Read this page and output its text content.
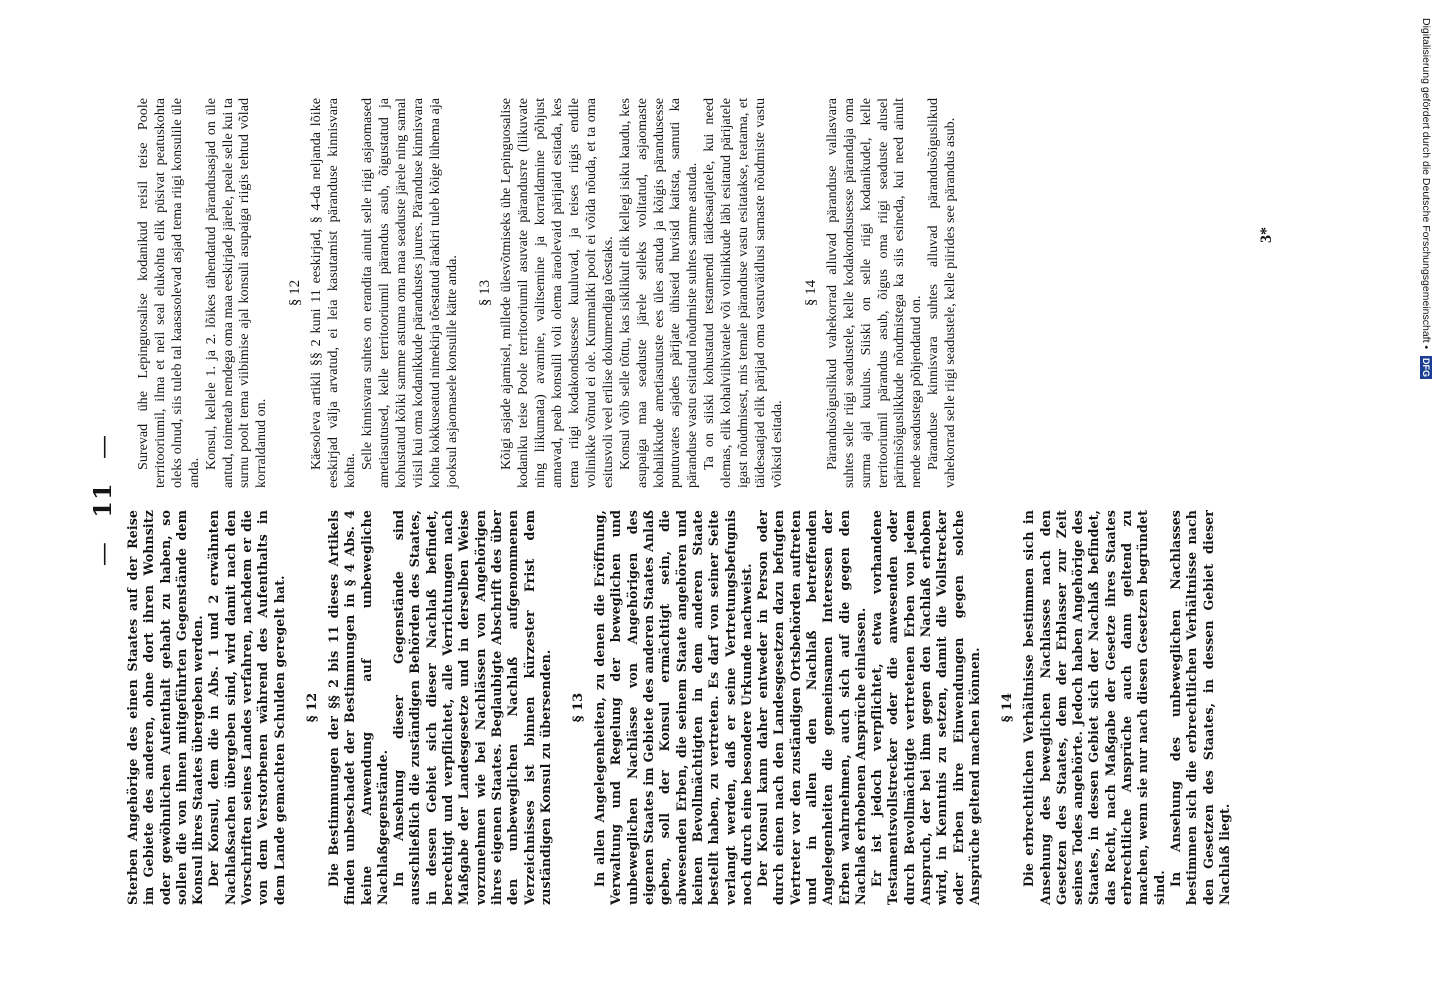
— 11 —

Sterben Angehörige des einen Staates auf der Reise im Gebiete des anderen, ohne dort ihren Wohnsitz oder gewöhnlichen Aufenthalt gehabt zu haben, so sollen die von ihnen mitgeführten Gegenstände dem Konsul ihres Staates übergeben werden. Der Konsul, dem die in Abs. 1 und 2 erwähnten Nachlaßsachen übergeben sind, wird damit nach den Vorschriften seines Landes verfahren, nachdem er die von dem Verstorbenen während des Aufenthalts in dem Lande gemachten Schulden geregelt hat. § 12 Die Bestimmungen der §§ 2 bis 11 dieses Artikels finden unbeschadet der Bestimmungen in § 4 Abs. 4 keine Anwendung auf unbewegliche Nachlaßgegenstände. In Ansehung dieser Gegenstände sind ausschließlich die zuständigen Behörden des Staates, in dessen Gebiet sich dieser Nachlaß befindet, berechtigt und verpflichtet, alle Verrichtungen nach Maßgabe der Landesgesetze und in derselben Weise vorzunehmen wie bei Nachlässen von Angehörigen ihres eigenen Staates. Beglaubigte Abschrift des über den unbeweglichen Nachlaß aufgenommenen Verzeichnisses ist binnen kürzester Frist dem zuständigen Konsul zu übersenden. § 13 In allen Angelegenheiten, zu denen die Eröffnung, Verwaltung und Regelung der beweglichen und unbeweglichen Nachlässe von Angehörigen des eigenen Staates im Gebiete des anderen Staates Anlaß geben, soll der Konsul ermächtigt sein, die abwesenden Erben, die seinem Staate angehören und keinen Bevollmächtigten in dem anderen Staate bestellt haben, zu vertreten. Es darf von seiner Seite verlangt werden, daß er seine Vertretungsbefugnis noch durch eine besondere Urkunde nachweist. Der Konsul kann daher entweder in Person oder durch einen nach den Landesgesetzen dazu befugten Vertreter vor den zuständigen Ortsbehörden auftreten und in allen den Nachlaß betreffenden Angelegenheiten die gemeinsamen Interessen der Erben wahrnehmen, auch sich auf die gegen den Nachlaß erhobenen Ansprüche einlassen. Er ist jedoch verpflichtet, etwa vorhandene Testamentsvollstrecker oder die anwesenden oder durch Bevollmächtigte vertretenen Erben von jedem Anspruch, der bei ihm gegen den Nachlaß erhoben wird, in Kenntnis zu setzen, damit die Vollstrecker oder Erben ihre Einwendungen gegen solche Ansprüche geltend machen können. § 14 Die erbrechtlichen Verhältnisse bestimmen sich in Ansehung des beweglichen Nachlasses nach den Gesetzen des Staates, dem der Erblasser zur Zeit seines Todes angehörte. Jedoch haben Angehörige des Staates, in dessen Gebiet sich der Nachlaß befindet, das Recht, nach Maßgabe der Gesetze ihres Staates erbrechtliche Ansprüche auch dann geltend zu machen, wenn sie nur nach diesen Gesetzen begründet sind.

In Ansehung des unbeweglichen Nachlasses bestimmen sich die erbrechtlichen Verhältnisse nach den Gesetzen des Staates, in dessen Gebiet dieser Nachlaß liegt.

Surevad ühe Lepinguosalise kodanikud reisil teise Poole territooriumil, ilma et neil seal elukohta elik püsivat peatuskohta oleks olnud, siis tuleb tal kaasasolevad asjad tema riigi konsulile üle anda.

Konsul, kellele 1. ja 2. lõikes tähendatud pärandusasjad on üle antud, toimetab nendega oma maa eeskirjade järele, peale selle kui ta surnu poolt tema viibimise ajal konsuli asupaiga riigis tehtud võlad korraldanud on.

§ 12 Käesoleva artikli §§ 2 kuni 11 eeskirjad, § 4-da neljanda lõike eeskirjad välja arvatud, ei leia kasutamist päranduse kinnisvara kohta.

Selle kinnisvara suhtes on erandita ainult selle riigi asjaomased ametiasutused, kelle territooriumil pärandus asub, õigustatud ja kohustatud kõiki samme astuma oma maa seaduste järele ning samal viisil kui oma kodanikkude pärandustes juures. Päranduse kinnisvara kohta kokkuseatud nimekirja tõestatud ärakiri tuleb kõige lühema aja jooksul asjaomasele konsulile kätte anda. § 13 Kõigi asjade ajamisel, millede ülesvõtmiseks ühe Lepinguosalise kodaniku teise Poole territooriumil asuvate pärandusте (liikuvate ning liikumata) avamine, valitsemine ja korraldamine põhjust annavad, peab konsulil voli olema äraolevaid pärijaid esitada, kes tema riigi kodakondsusesse kuuluvad, ja teises riigis endile volinikke võtnud ei ole. Kummaltki poolt ei võida nõuda, et ta oma esitusvoli veel erilise dokumendiga tõestaks. Konsul võib selle tõttu, kas isiklikult elik kellegi isiku kaudu, kes asupaiga maa seaduste järele selleks volitatud, asjaomaste kohalikkude ametiasutuste ees üles astuda ja kõigis pärandusesse puutuvates asjades pärijate ühiseid huvisid kaitsta, samuti ka päranduse vastu esitatud nõudmiste suhtes samme astuda. Ta on siiski kohustatud testamendi täidesaatjatele, kui need olemas, elik kohalviibivatele või volinikkude läbi esitatud pärijatele igast nõudmisest, mis temale päranduse vastu esitatakse, teatama, et täidesaatjad elik pärijad oma vastuväidlusi sarnaste nõudmiste vastu võiksid esitada.

§ 14 Pärandusõiguslikud vahekorrad alluvad päranduse vallasvara suhtes selle riigi seadustele, kelle kodakondsusesse pärandaja oma surma ajal kuulus. Siiski on selle riigi kodanikudel, kelle territooriumil pärandus asub, õigus oma riigi seaduste alusel pärimisõiguslikkude nõudmistega ka siis esineda, kui need ainult nende seadustega põhjendatud on. Päranduse kinnisvara suhtes alluvad pärandusõiguslikud vahekorrad selle riigi seadustele, kelle piirides see pärandus asub.	3*	Digitalisierung gefördert durch die Deutsche Forschungsgemeinschaft • DFG
